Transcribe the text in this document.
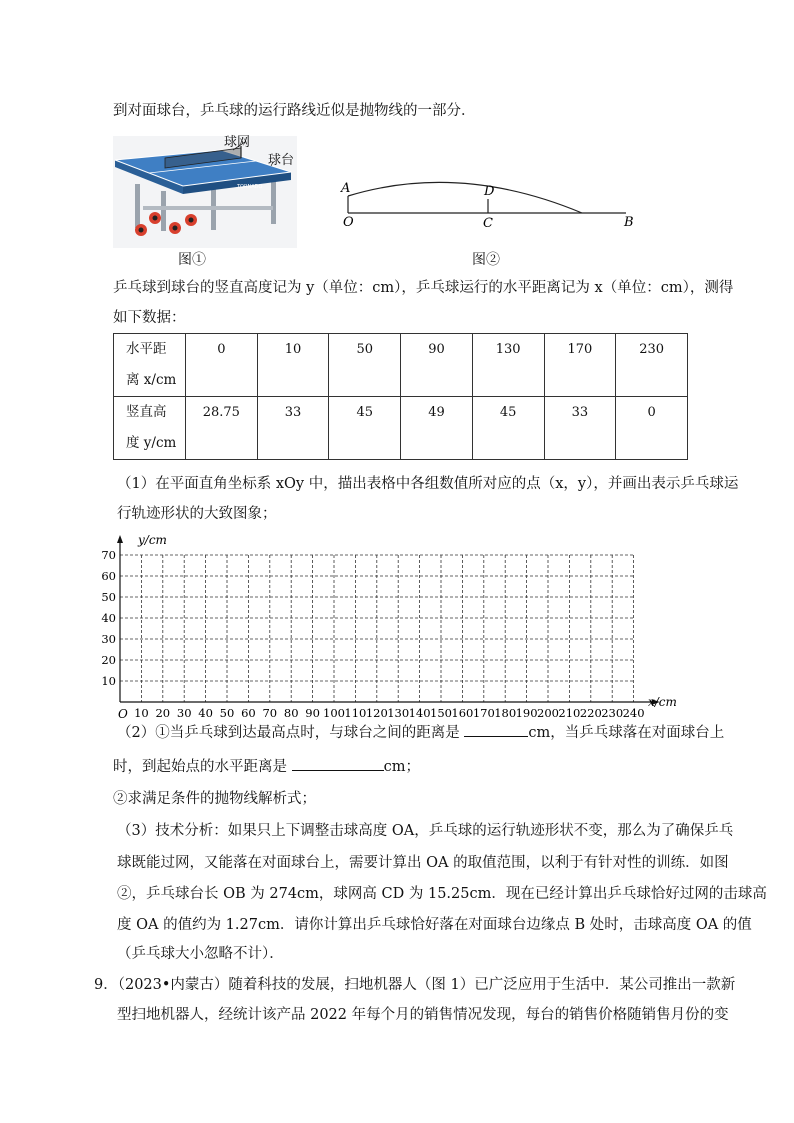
到对面球台，乒乓球的运行路线近似是抛物线的一部分．
TORNADO
球网
球台
图①
A	D
O	C	B
图②
乒乓球到球台的竖直高度记为 y（单位：cm），乒乓球运行的水平距离记为 x（单位：cm），测得
如下数据：
水平距
离 x/cm	0	10	50	90	130	170	230

竖直高
度 y/cm	28.75	33	45	49	45	33	0
（1）在平面直角坐标系 xOy 中，描出表格中各组数值所对应的点（x，y），并画出表示乒乓球运
行轨迹形状的大致图象；
10 20 30 40 50 60 70 80 90 100 110 120 130 140 150 160 170 180 190 200 210 220 230 240
10
20
30
40
50
60
70
y/cm
x/cm
O
（2）①当乒乓球到达最高点时，与球台之间的距离是	cm，当乒乓球落在对面球台上
时，到起始点的水平距离是	cm；
②求满足条件的抛物线解析式；
（3）技术分析：如果只上下调整击球高度 OA，乒乓球的运行轨迹形状不变，那么为了确保乒乓
球既能过网，又能落在对面球台上，需要计算出 OA 的取值范围，以利于有针对性的训练．如图
②，乒乓球台长 OB 为 274cm，球网高 CD 为 15.25cm．现在已经计算出乒乓球恰好过网的击球高
度 OA 的值约为 1.27cm．请你计算出乒乓球恰好落在对面球台边缘点 B 处时，击球高度 OA 的值
（乒乓球大小忽略不计）．
9．（2023•内蒙古）随着科技的发展，扫地机器人（图 1）已广泛应用于生活中．某公司推出一款新
型扫地机器人，经统计该产品 2022 年每个月的销售情况发现，每台的销售价格随销售月份的变
